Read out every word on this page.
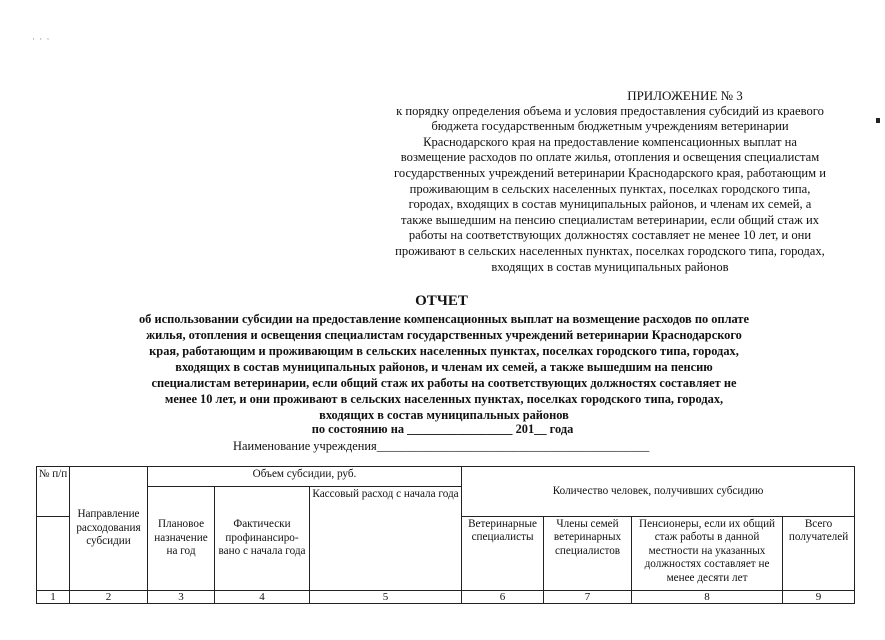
· · ·
ПРИЛОЖЕНИЕ № 3
к порядку определения объема и условия предоставления субсидий из краевого
бюджета государственным бюджетным учреждениям ветеринарии
Краснодарского края на предоставление компенсационных выплат на
возмещение расходов по оплате жилья, отопления и освещения специалистам
государственных учреждений ветеринарии Краснодарского края, работающим и
проживающим в сельских населенных пунктах, поселках городского типа,
городах, входящих в состав муниципальных районов, и членам их семей, а
также вышедшим на пенсию специалистам ветеринарии, если общий стаж их
работы на соответствующих должностях составляет не менее 10 лет, и они
проживают в сельских населенных пунктах, поселках городского типа, городах,
входящих в состав муниципальных районов
ОТЧЕТ
об использовании субсидии на предоставление компенсационных выплат на возмещение расходов по оплате
жилья, отопления и освещения специалистам государственных учреждений ветеринарии Краснодарского
края, работающим и проживающим в сельских населенных пунктах, поселках городского типа, городах,
входящих в состав муниципальных районов, и членам их семей, а также вышедшим на пенсию
специалистам ветеринарии, если общий стаж их работы на соответствующих должностях составляет не
менее 10 лет, и они проживают в сельских населенных пунктах, поселках городского типа, городах,
входящих в состав муниципальных районов
по состоянию на _________________ 201__ года
Наименование учреждения____________________________________________
№ п/п	Направление расходования субсидии	Объем субсидии, руб.			Количество человек, получивших субсидию			
		Плановое назначение на год	Фактически профинансиро-вано с начала года	Кассовый расход с начала года				
					Ветеринарные специалисты	Члены семей ветеринарных специалистов	Пенсионеры, если их общий стаж работы в данной местности на указанных должностях составляет не менее десяти лет	Всего получателей
1	2	3	4	5	6	7	8	9
